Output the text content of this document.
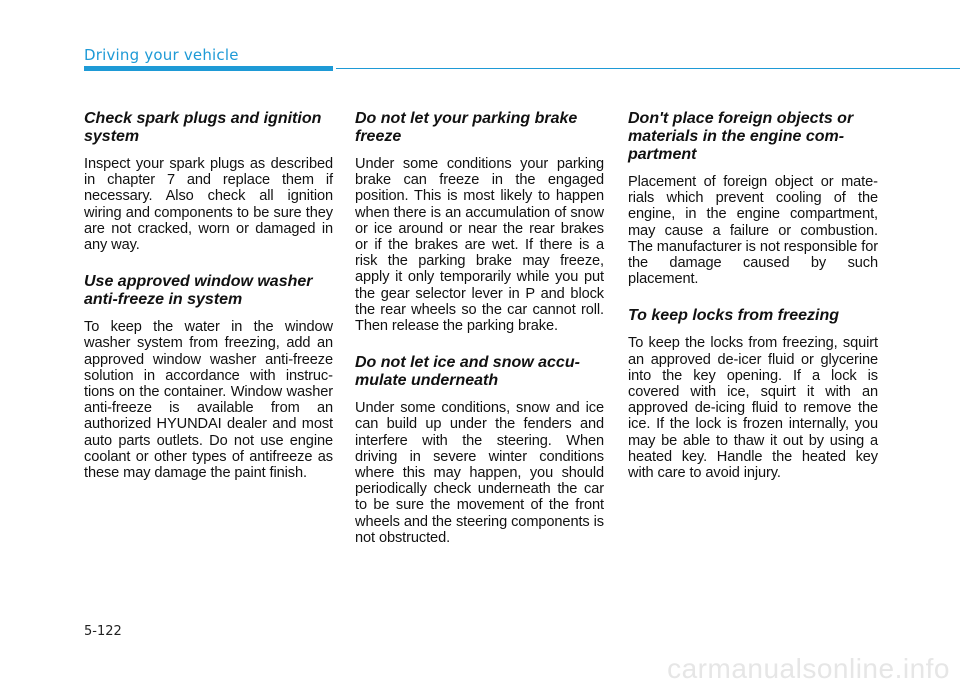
Driving your vehicle
Check spark plugs and ignition system

Inspect your spark plugs as described in chapter 7 and replace them if necessary. Also check all ignition wiring and components to be sure they are not cracked, worn or damaged in any way.

Use approved window washer anti-freeze in system

To keep the water in the window washer system from freezing, add an approved window washer anti-freeze solution in accordance with instructions on the container. Window washer anti-freeze is available from an authorized HYUNDAI dealer and most auto parts outlets. Do not use engine coolant or other types of antifreeze as these may damage the paint finish.

Do not let your parking brake freeze

Under some conditions your parking brake can freeze in the engaged position. This is most likely to happen when there is an accumulation of snow or ice around or near the rear brakes or if the brakes are wet. If there is a risk the parking brake may freeze, apply it only temporarily while you put the gear selector lever in P and block the rear wheels so the car cannot roll. Then release the parking brake.

Do not let ice and snow accumulate underneath

Under some conditions, snow and ice can build up under the fenders and interfere with the steering. When driving in severe winter conditions where this may happen, you should periodically check underneath the car to be sure the movement of the front wheels and the steering components is not obstructed.

Don't place foreign objects or materials in the engine compartment

Placement of foreign object or materials which prevent cooling of the engine, in the engine compartment, may cause a failure or combustion. The manufacturer is not responsible for the damage caused by such placement.

To keep locks from freezing

To keep the locks from freezing, squirt an approved de-icer fluid or glycerine into the key opening. If a lock is covered with ice, squirt it with an approved de-icing fluid to remove the ice. If the lock is frozen internally, you may be able to thaw it out by using a heated key. Handle the heated key with care to avoid injury.

5-122
carmanualsonline.info
